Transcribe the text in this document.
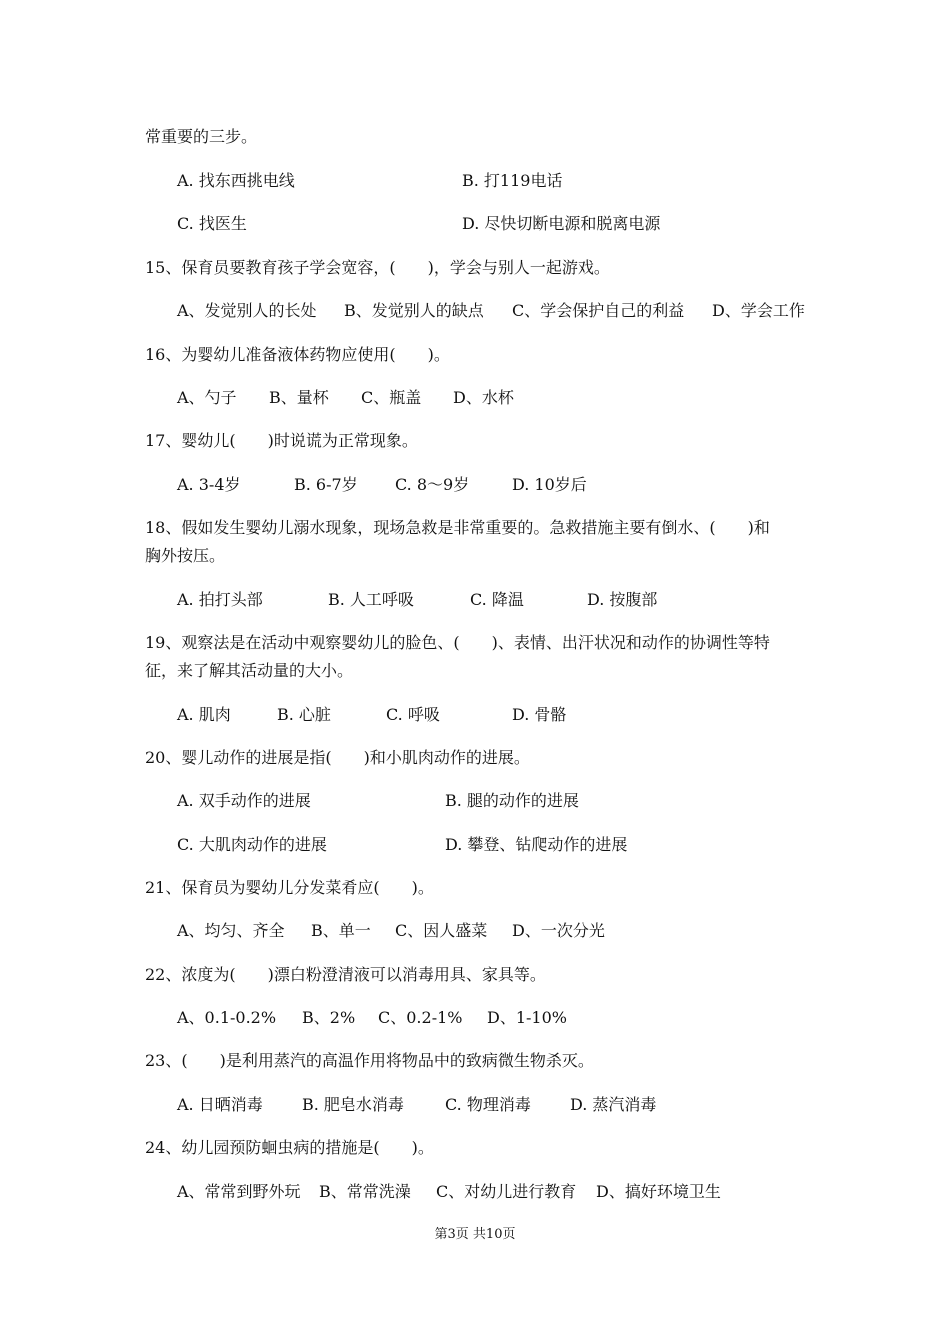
常重要的三步。
A. 找东西挑电线	B. 打119电话
C. 找医生	D. 尽快切断电源和脱离电源
15、保育员要教育孩子学会宽容，(　　)，学会与别人一起游戏。
A、发觉别人的长处 B、发觉别人的缺点 C、学会保护自己的利益 D、学会工作
16、为婴幼儿准备液体药物应使用(　　)。
A、勺子 B、量杯 C、瓶盖 D、水杯
17、婴幼儿(　　)时说谎为正常现象。
A. 3-4岁	B. 6-7岁 C. 8～9岁	D. 10岁后
18、假如发生婴幼儿溺水现象，现场急救是非常重要的。急救措施主要有倒水、(　　)和
胸外按压。
A. 拍打头部	B. 人工呼吸	C. 降温	D. 按腹部
19、观察法是在活动中观察婴幼儿的脸色、(　　)、表情、出汗状况和动作的协调性等特
征，来了解其活动量的大小。
A. 肌肉	B. 心脏	C. 呼吸	D. 骨骼
20、婴儿动作的进展是指(　　)和小肌肉动作的进展。
A. 双手动作的进展	B. 腿的动作的进展
C. 大肌肉动作的进展	D. 攀登、钻爬动作的进展
21、保育员为婴幼儿分发菜肴应(　　)。
A、均匀、齐全 B、单一 C、因人盛菜 D、一次分光
22、浓度为(　　)漂白粉澄清液可以消毒用具、家具等。
A、0.1-0.2% B、2% C、0.2-1% D、1-10%
23、(　　)是利用蒸汽的高温作用将物品中的致病微生物杀灭。
A. 日晒消毒 B. 肥皂水消毒	C. 物理消毒 D. 蒸汽消毒
24、幼儿园预防蛔虫病的措施是(　　)。
A、常常到野外玩 B、常常洗澡 C、对幼儿进行教育 D、搞好环境卫生
第3页 共10页
